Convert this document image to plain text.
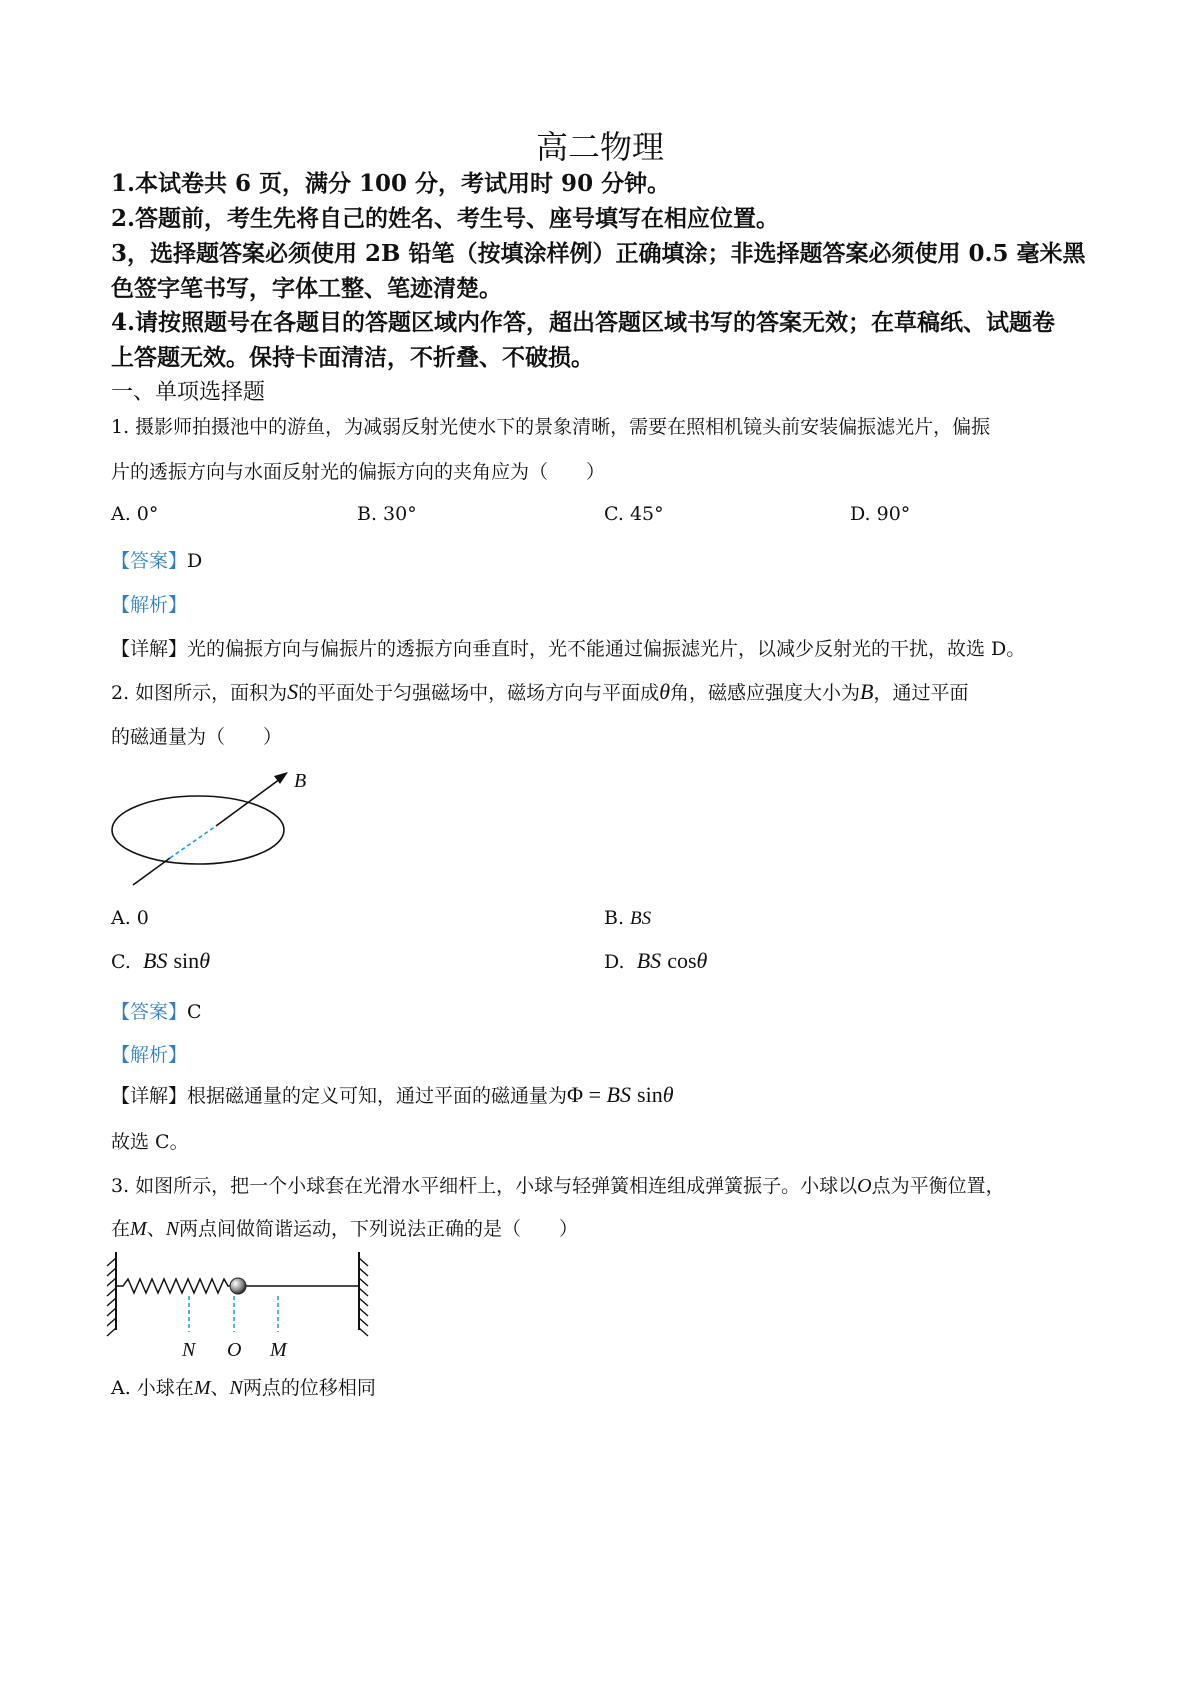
高二物理
1.本试卷共 6 页，满分 100 分，考试用时 90 分钟。
2.答题前，考生先将自己的姓名、考生号、座号填写在相应位置。
3，选择题答案必须使用 2B 铅笔（按填涂样例）正确填涂；非选择题答案必须使用 0.5 毫米黑
色签字笔书写，字体工整、笔迹清楚。
4.请按照题号在各题目的答题区域内作答，超出答题区域书写的答案无效；在草稿纸、试题卷
上答题无效。保持卡面清洁，不折叠、不破损。
一、单项选择题
1. 摄影师拍摄池中的游鱼，为减弱反射光使水下的景象清晰，需要在照相机镜头前安装偏振滤光片，偏振
片的透振方向与水面反射光的偏振方向的夹角应为（　　）
A. 0°	B. 30°	C. 45°	D. 90°
【答案】D
【解析】
【详解】光的偏振方向与偏振片的透振方向垂直时，光不能通过偏振滤光片，以减少反射光的干扰，故选 D。
2. 如图所示，面积为S的平面处于匀强磁场中，磁场方向与平面成θ角，磁感应强度大小为B，通过平面
的磁通量为（　　）
B
A. 0	B. BS
C. BS sinθ	D. BS cosθ
【答案】C
【解析】
【详解】根据磁通量的定义可知，通过平面的磁通量为Φ = BS sinθ
故选 C。
3. 如图所示，把一个小球套在光滑水平细杆上，小球与轻弹簧相连组成弹簧振子。小球以O点为平衡位置，
在M、N两点间做简谐运动，下列说法正确的是（　　）
N O M
A. 小球在M、N两点的位移相同
